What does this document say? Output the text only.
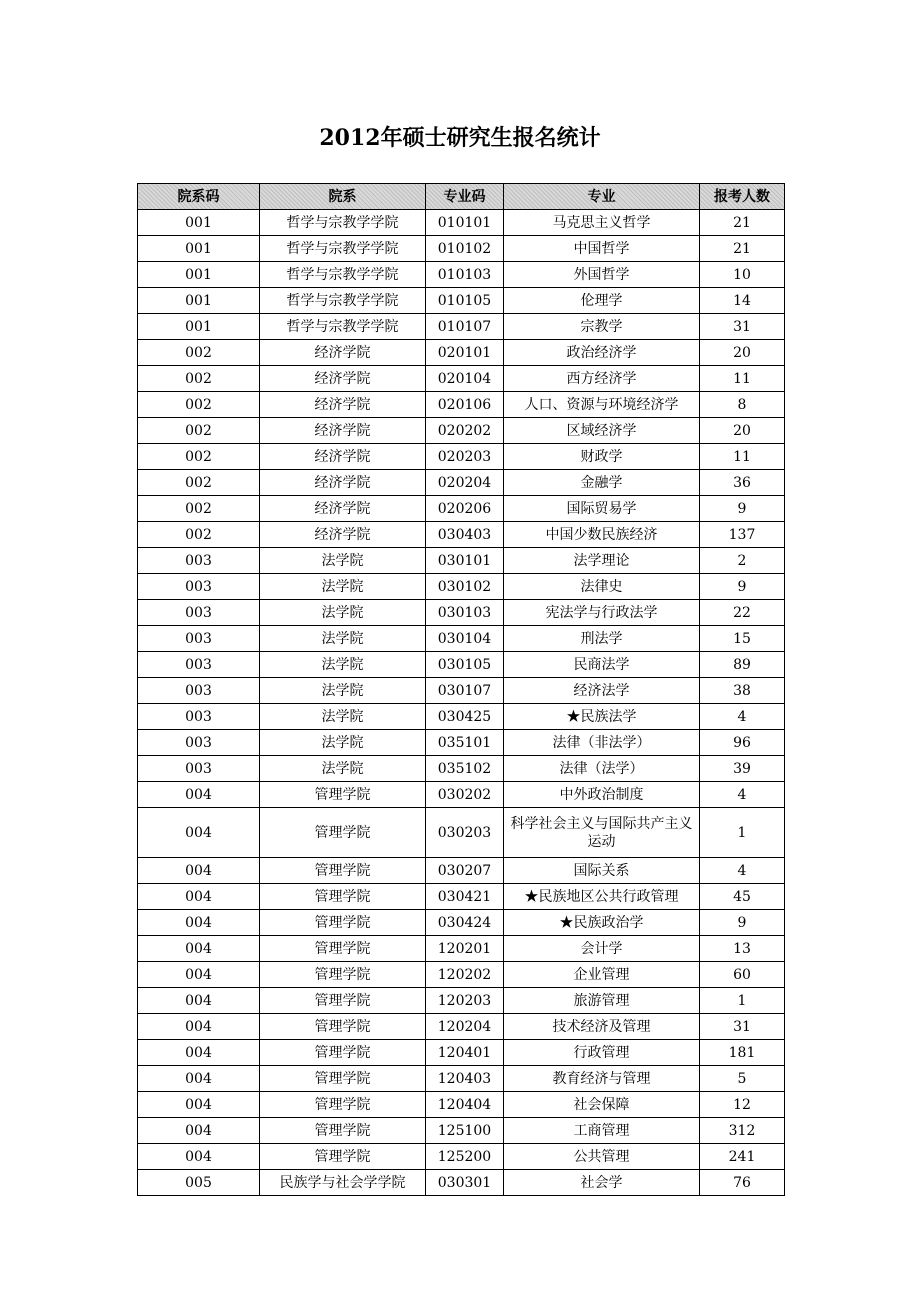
2012年硕士研究生报名统计
院系码	院系	专业码	专业	报考人数
001	哲学与宗教学学院	010101	马克思主义哲学	21
001	哲学与宗教学学院	010102	中国哲学	21
001	哲学与宗教学学院	010103	外国哲学	10
001	哲学与宗教学学院	010105	伦理学	14
001	哲学与宗教学学院	010107	宗教学	31
002	经济学院	020101	政治经济学	20
002	经济学院	020104	西方经济学	11
002	经济学院	020106	人口、资源与环境经济学	8
002	经济学院	020202	区域经济学	20
002	经济学院	020203	财政学	11
002	经济学院	020204	金融学	36
002	经济学院	020206	国际贸易学	9
002	经济学院	030403	中国少数民族经济	137
003	法学院	030101	法学理论	2
003	法学院	030102	法律史	9
003	法学院	030103	宪法学与行政法学	22
003	法学院	030104	刑法学	15
003	法学院	030105	民商法学	89
003	法学院	030107	经济法学	38
003	法学院	030425	★民族法学	4
003	法学院	035101	法律（非法学）	96
003	法学院	035102	法律（法学）	39
004	管理学院	030202	中外政治制度	4
004	管理学院	030203	科学社会主义与国际共产主义运动	1
004	管理学院	030207	国际关系	4
004	管理学院	030421	★民族地区公共行政管理	45
004	管理学院	030424	★民族政治学	9
004	管理学院	120201	会计学	13
004	管理学院	120202	企业管理	60
004	管理学院	120203	旅游管理	1
004	管理学院	120204	技术经济及管理	31
004	管理学院	120401	行政管理	181
004	管理学院	120403	教育经济与管理	5
004	管理学院	120404	社会保障	12
004	管理学院	125100	工商管理	312
004	管理学院	125200	公共管理	241
005	民族学与社会学学院	030301	社会学	76
